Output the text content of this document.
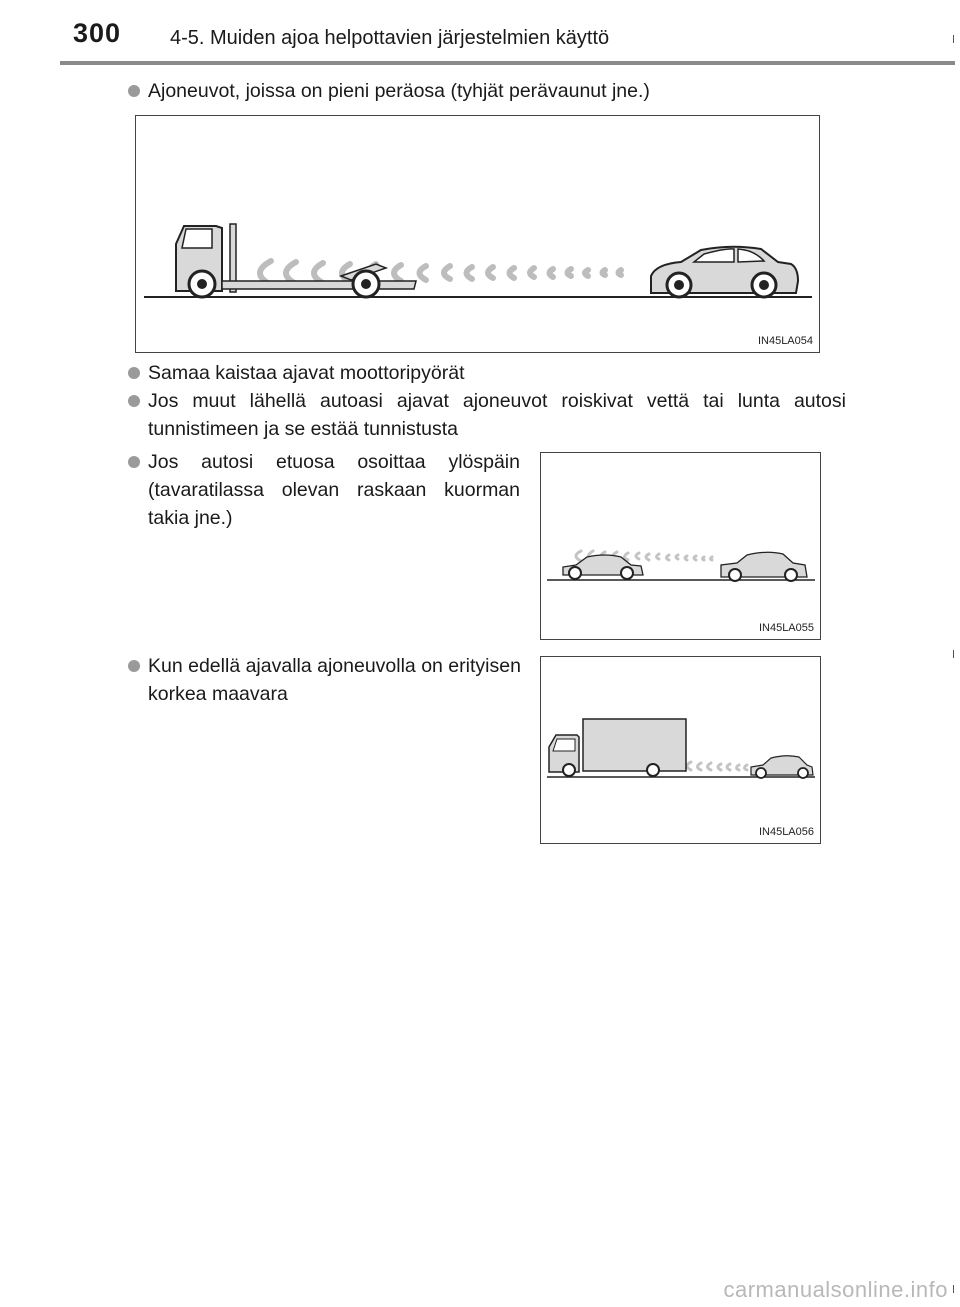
300 4-5. Muiden ajoa helpottavien järjestelmien käyttö
Ajoneuvot, joissa on pieni peräosa (tyhjät perävaunut jne.)
IN45LA054
Samaa kaistaa ajavat moottoripyörät
Jos muut lähellä autoasi ajavat ajoneuvot roiskivat vettä tai lunta autosi tunnistimeen ja se estää tunnistusta
Jos autosi etuosa osoittaa ylöspäin (tavaratilassa olevan raskaan kuorman takia jne.)
IN45LA055
Kun edellä ajavalla ajoneuvolla on erityisen korkea maavara
IN45LA056
carmanualsonline.info
